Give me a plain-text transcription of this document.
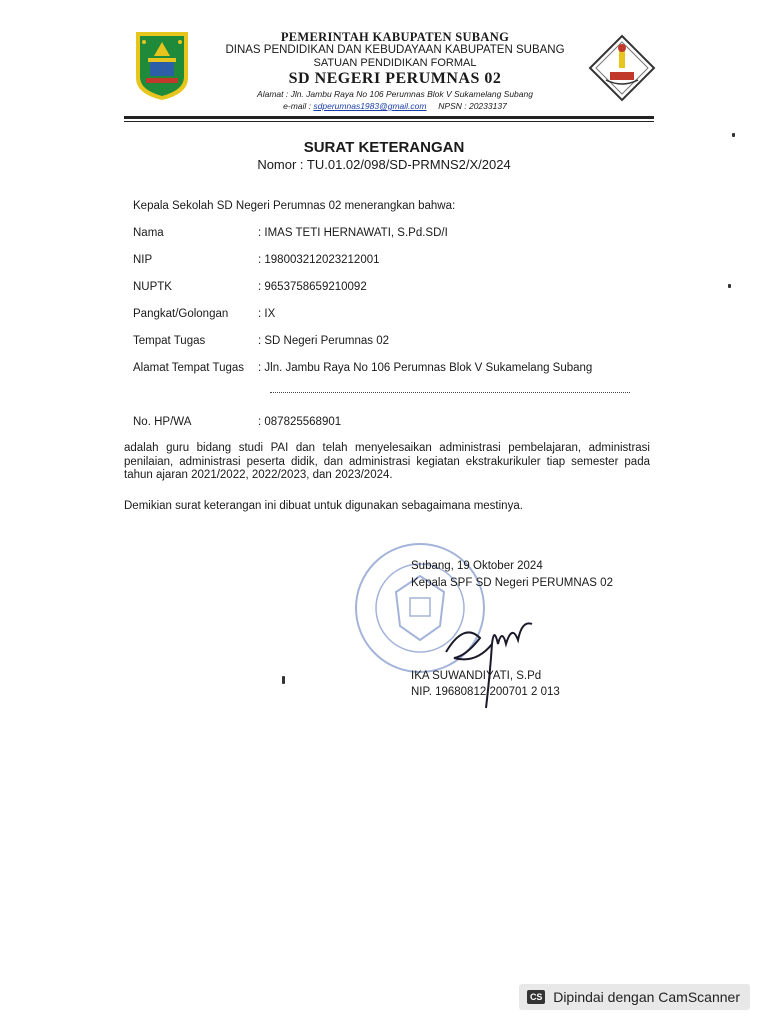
PEMERINTAH KABUPATEN SUBANG
DINAS PENDIDIKAN DAN KEBUDAYAAN KABUPATEN SUBANG
SATUAN PENDIDIKAN FORMAL
SD NEGERI PERUMNAS 02
Alamat : Jln. Jambu Raya No 106 Perumnas Blok V Sukamelang Subang
e-mail : sdperumnas1983@gmail.com NPSN : 20233137
SURAT KETERANGAN
Nomor : TU.01.02/098/SD-PRMNS2/X/2024
Kepala Sekolah SD Negeri Perumnas 02 menerangkan bahwa:
Nama	: IMAS TETI HERNAWATI, S.Pd.SD/I
NIP	: 198003212023212001
NUPTK	: 9653758659210092
Pangkat/Golongan	: IX
Tempat Tugas	: SD Negeri Perumnas 02
Alamat Tempat Tugas : Jln. Jambu Raya No 106 Perumnas Blok V Sukamelang Subang
No. HP/WA	: 087825568901
adalah guru bidang studi PAI dan telah menyelesaikan administrasi pembelajaran, administrasi penilaian, administrasi peserta didik, dan administrasi kegiatan ekstrakurikuler tiap semester pada tahun ajaran 2021/2022, 2022/2023, dan 2023/2024.
Demikian surat keterangan ini dibuat untuk digunakan sebagaimana mestinya.
Subang, 19 Oktober 2024
Kepala SPF SD Negeri PERUMNAS 02
IKA SUWANDIYATI, S.Pd
NIP. 19680812 200701 2 013
CS Dipindai dengan CamScanner
